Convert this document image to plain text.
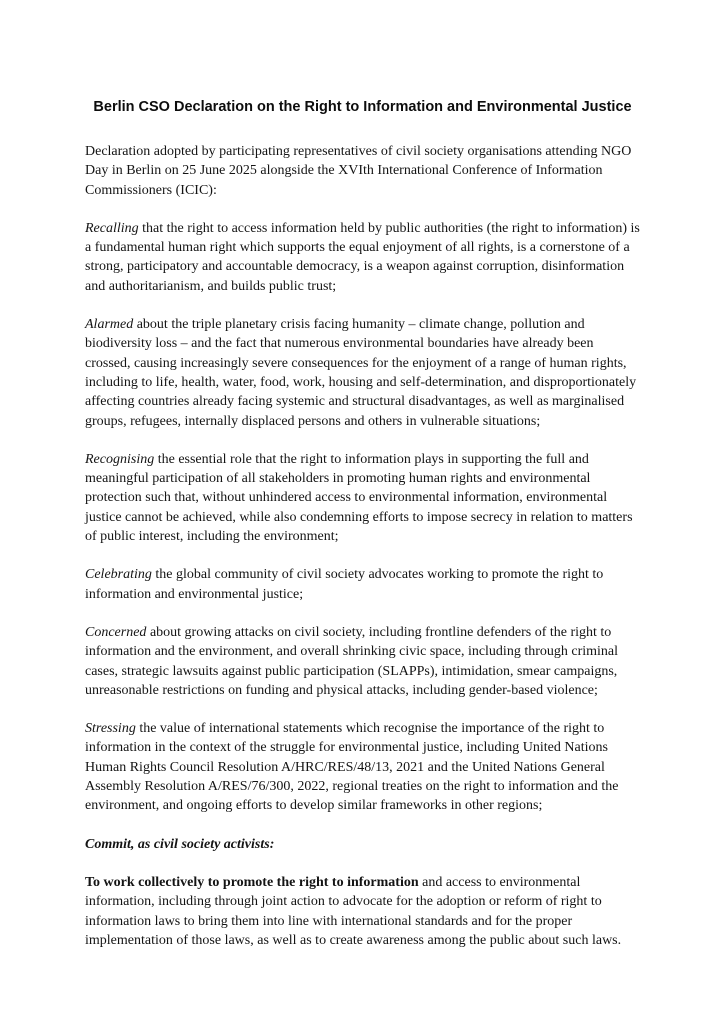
Berlin CSO Declaration on the Right to Information and Environmental Justice

Declaration adopted by participating representatives of civil society organisations attending NGO Day in Berlin on 25 June 2025 alongside the XVIth International Conference of Information Commissioners (ICIC):

Recalling that the right to access information held by public authorities (the right to information) is a fundamental human right which supports the equal enjoyment of all rights, is a cornerstone of a strong, participatory and accountable democracy, is a weapon against corruption, disinformation and authoritarianism, and builds public trust;

Alarmed about the triple planetary crisis facing humanity – climate change, pollution and biodiversity loss – and the fact that numerous environmental boundaries have already been crossed, causing increasingly severe consequences for the enjoyment of a range of human rights, including to life, health, water, food, work, housing and self-determination, and disproportionately affecting countries already facing systemic and structural disadvantages, as well as marginalised groups, refugees, internally displaced persons and others in vulnerable situations;

Recognising the essential role that the right to information plays in supporting the full and meaningful participation of all stakeholders in promoting human rights and environmental protection such that, without unhindered access to environmental information, environmental justice cannot be achieved, while also condemning efforts to impose secrecy in relation to matters of public interest, including the environment;

Celebrating the global community of civil society advocates working to promote the right to information and environmental justice;

Concerned about growing attacks on civil society, including frontline defenders of the right to information and the environment, and overall shrinking civic space, including through criminal cases, strategic lawsuits against public participation (SLAPPs), intimidation, smear campaigns, unreasonable restrictions on funding and physical attacks, including gender-based violence;

Stressing the value of international statements which recognise the importance of the right to information in the context of the struggle for environmental justice, including United Nations Human Rights Council Resolution A/HRC/RES/48/13, 2021 and the United Nations General Assembly Resolution A/RES/76/300, 2022, regional treaties on the right to information and the environment, and ongoing efforts to develop similar frameworks in other regions;

Commit, as civil society activists:

To work collectively to promote the right to information and access to environmental information, including through joint action to advocate for the adoption or reform of right to information laws to bring them into line with international standards and for the proper implementation of those laws, as well as to create awareness among the public about such laws.
